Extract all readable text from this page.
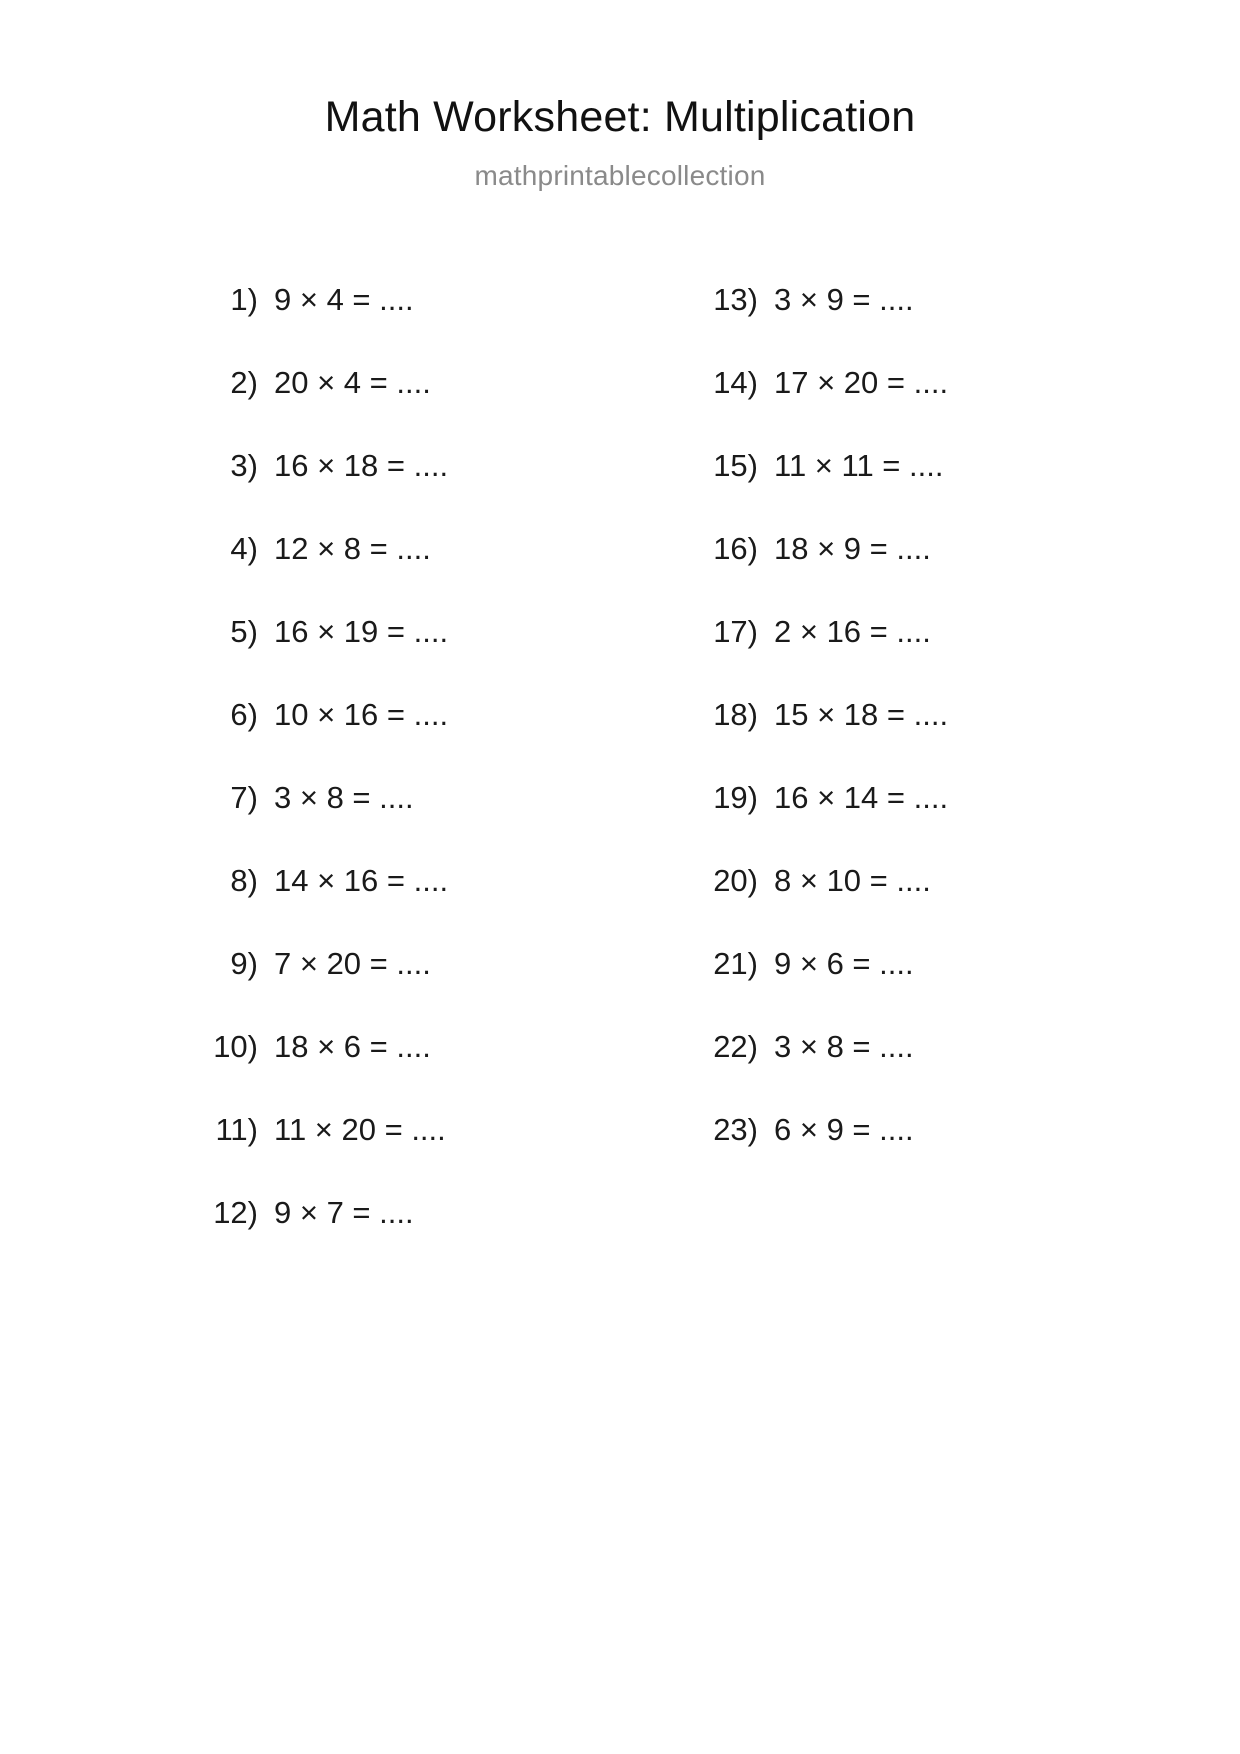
Math Worksheet: Multiplication
mathprintablecollection
1) 9 × 4 = ....
2) 20 × 4 = ....
3) 16 × 18 = ....
4) 12 × 8 = ....
5) 16 × 19 = ....
6) 10 × 16 = ....
7) 3 × 8 = ....
8) 14 × 16 = ....
9) 7 × 20 = ....
10) 18 × 6 = ....
11) 11 × 20 = ....
12) 9 × 7 = ....
13) 3 × 9 = ....
14) 17 × 20 = ....
15) 11 × 11 = ....
16) 18 × 9 = ....
17) 2 × 16 = ....
18) 15 × 18 = ....
19) 16 × 14 = ....
20) 8 × 10 = ....
21) 9 × 6 = ....
22) 3 × 8 = ....
23) 6 × 9 = ....
